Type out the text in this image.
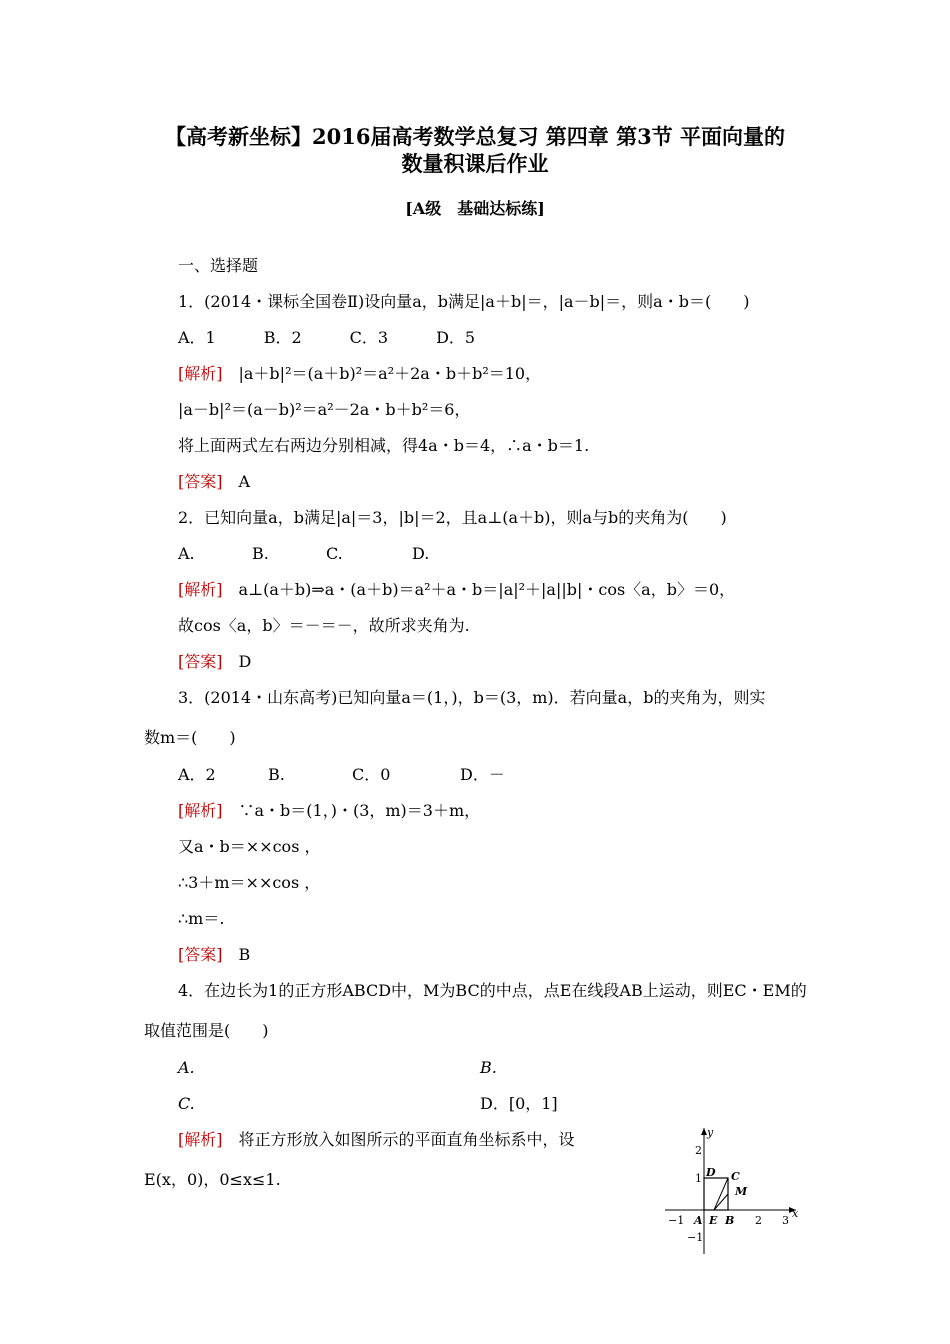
【高考新坐标】2016届高考数学总复习 第四章 第3节 平面向量的
数量积课后作业
[A级　基础达标练]
一、选择题
1．(2014・课标全国卷Ⅱ)设向量a，b满足|a＋b|＝，|a－b|＝，则a・b＝(　　)
A．1　　　B．2　　　C．3　　　D．5
[解析]　|a＋b|²＝(a＋b)²＝a²＋2a・b＋b²＝10，
|a－b|²＝(a－b)²＝a²－2a・b＋b²＝6，
将上面两式左右两边分别相减，得4a・b＝4，∴a・b＝1.
[答案]　A
2．已知向量a，b满足|a|＝3，|b|＝2，且a⊥(a＋b)，则a与b的夹角为(　　)
A.	B.	C.	D.
[解析]　a⊥(a＋b)⇒a・(a＋b)＝a²＋a・b＝|a|²＋|a||b|・cos〈a，b〉＝0，
故cos〈a，b〉＝－＝－，故所求夹角为.
[答案]　D
3．(2014・山东高考)已知向量a＝(1，)，b＝(3，m)．若向量a，b的夹角为，则实
数m＝(　　)
A．2	B.	C．0	D．－
[解析]　∵a・b＝(1，)・(3，m)＝3＋m，
又a・b＝××cos ，
∴3＋m＝××cos ，
∴m＝.
[答案]　B
4．在边长为1的正方形ABCD中，M为BC的中点，点E在线段AB上运动，则EC・EM的
取值范围是(　　)
A.	B.
C.	D．[0，1]
[解析]　将正方形放入如图所示的平面直角坐标系中，设
E(x，0)，0≤x≤1.
y
x
2
1
−1
−1	2 3
D C
M
A E B
